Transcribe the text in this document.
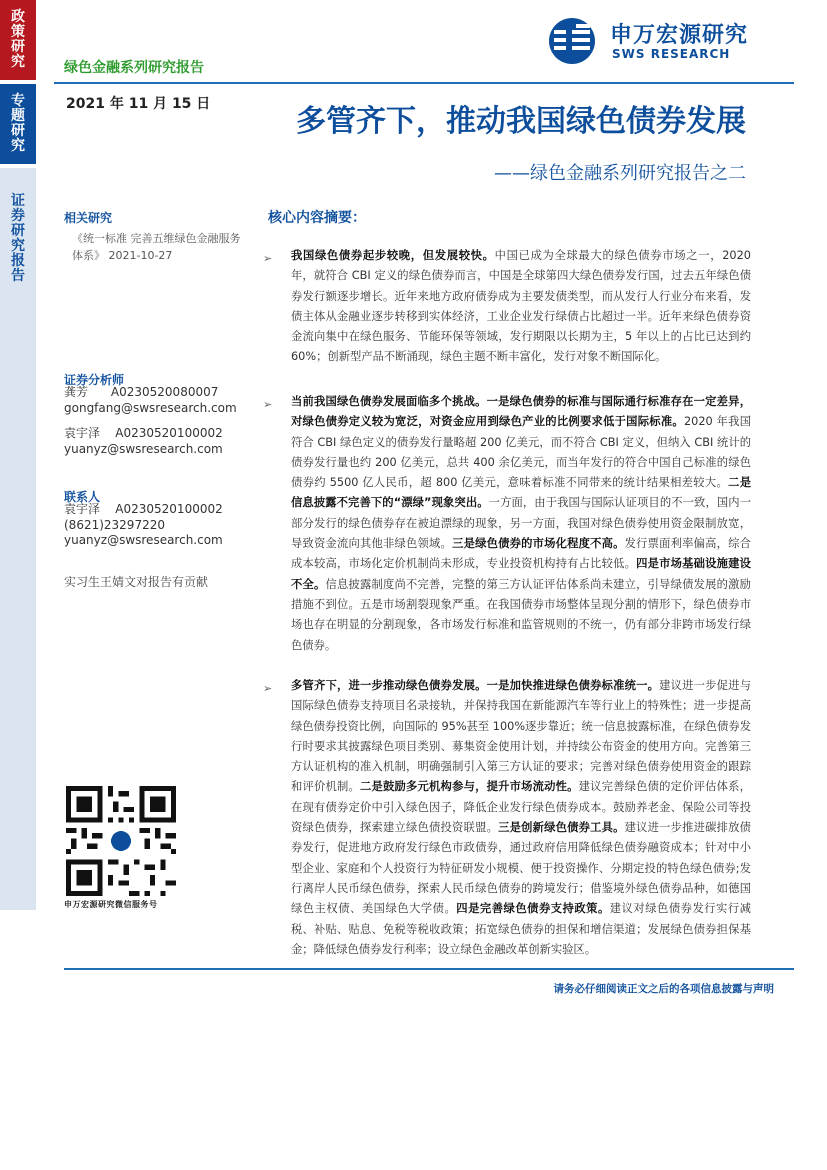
政
策
研
究
专
题
研
究
证
券
研
究
报
告
绿色金融系列研究报告
申万宏源研究
SWS RESEARCH
2021 年 11 月 15 日	多管齐下，推动我国绿色债券发展
——绿色金融系列研究报告之二
相关研究
《统一标准 完善五维绿色金融服务体系》 2021-10-27
证券分析师
龚芳 A0230520080007
gongfang@swsresearch.com
袁宇泽 A0230520100002
yuanyz@swsresearch.com
联系人
袁宇泽 A0230520100002
(8621)23297220
yuanyz@swsresearch.com
实习生王婧文对报告有贡献
申万宏源研究微信服务号
核心内容摘要：
➢ 我国绿色债券起步较晚，但发展较快。中国已成为全球最大的绿色债券市场之一，2020 年，就符合 CBI 定义的绿色债券而言，中国是全球第四大绿色债券发行国，过去五年绿色债券发行额逐步增长。近年来地方政府债券成为主要发债类型，而从发行人行业分布来看，发债主体从金融业逐步转移到实体经济，工业企业发行绿债占比超过一半。近年来绿色债券资金流向集中在绿色服务、节能环保等领域，发行期限以长期为主，5 年以上的占比已达到约 60%；创新型产品不断涌现，绿色主题不断丰富化，发行对象不断国际化。
➢ 当前我国绿色债券发展面临多个挑战。一是绿色债券的标准与国际通行标准存在一定差异，对绿色债券定义较为宽泛，对资金应用到绿色产业的比例要求低于国际标准。2020 年我国符合 CBI 绿色定义的债券发行量略超 200 亿美元，而不符合 CBI 定义，但纳入 CBI 统计的债券发行量也约 200 亿美元，总共 400 余亿美元，而当年发行的符合中国自己标准的绿色债券约 5500 亿人民币，超 800 亿美元，意味着标准不同带来的统计结果相差较大。二是信息披露不完善下的“漂绿”现象突出。一方面，由于我国与国际认证项目的不一致，国内一部分发行的绿色债券存在被迫漂绿的现象，另一方面，我国对绿色债券使用资金限制放宽，导致资金流向其他非绿色领域。三是绿色债券的市场化程度不高。发行票面利率偏高，综合成本较高，市场化定价机制尚未形成，专业投资机构持有占比较低。四是市场基础设施建设不全。信息披露制度尚不完善，完整的第三方认证评估体系尚未建立，引导绿债发展的激励措施不到位。五是市场割裂现象严重。在我国债券市场整体呈现分割的情形下，绿色债券市场也存在明显的分割现象，各市场发行标准和监管规则的不统一，仍有部分非跨市场发行绿色债券。
➢ 多管齐下，进一步推动绿色债券发展。一是加快推进绿色债券标准统一。建议进一步促进与国际绿色债券支持项目名录接轨，并保持我国在新能源汽车等行业上的特殊性；进一步提高绿色债券投资比例，向国际的 95%甚至 100%逐步靠近；统一信息披露标准，在绿色债券发行时要求其披露绿色项目类别、募集资金使用计划，并持续公布资金的使用方向。完善第三方认证机构的准入机制，明确强制引入第三方认证的要求；完善对绿色债券使用资金的跟踪和评价机制。二是鼓励多元机构参与，提升市场流动性。建议完善绿色债的定价评估体系，在现有债券定价中引入绿色因子，降低企业发行绿色债券成本。鼓励养老金、保险公司等投资绿色债券，探索建立绿色债投资联盟。三是创新绿色债券工具。建议进一步推进碳排放债券发行，促进地方政府发行绿色市政债券，通过政府信用降低绿色债券融资成本；针对中小型企业、家庭和个人投资行为特征研发小规模、便于投资操作、分期定投的特色绿色债券;发行离岸人民币绿色债券，探索人民币绿色债券的跨境发行；借鉴境外绿色债券品种，如德国绿色主权债、美国绿色大学债。四是完善绿色债券支持政策。建议对绿色债券发行实行减税、补贴、贴息、免税等税收政策；拓宽绿色债券的担保和增信渠道；发展绿色债券担保基金；降低绿色债券发行利率；设立绿色金融改革创新实验区。
请务必仔细阅读正文之后的各项信息披露与声明
